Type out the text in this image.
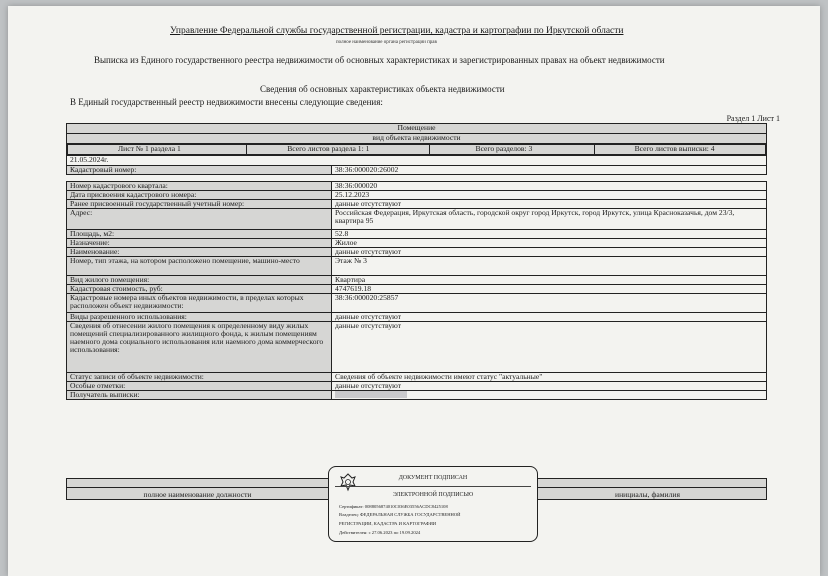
Управление Федеральной службы государственной регистрации, кадастра и картографии по Иркутской области
полное наименование органа регистрации прав
Выписка из Единого государственного реестра недвижимости об основных характеристиках и зарегистрированных правах на объект недвижимости
Сведения об основных характеристиках объекта недвижимости
В Единый государственный реестр недвижимости внесены следующие сведения:
Раздел 1 Лист 1
Помещение
вид объекта недвижимости

Лист № 1 раздела 1	Всего листов раздела 1: 1	Всего разделов: 3	Всего листов выписки: 4

21.05.2024г.
Кадастровый номер:	38:36:000020:26002

Номер кадастрового квартала:	38:36:000020
Дата присвоения кадастрового номера:	25.12.2023
Ранее присвоенный государственный учетный номер:	данные отсутствуют
Адрес:	Российская Федерация, Иркутская область, городской округ город Иркутск, город Иркутск, улица Красноказачья, дом 23/3, квартира 95
Площадь, м2:	52.8
Назначение:	Жилое
Наименование:	данные отсутствуют
Номер, тип этажа, на котором расположено помещение, машино-место	Этаж № 3
Вид жилого помещения:	Квартира
Кадастровая стоимость, руб:	4747619.18
Кадастровые номера иных объектов недвижимости, в пределах которых расположен объект недвижимости:	38:36:000020:25857
Виды разрешенного использования:	данные отсутствуют
Сведения об отнесении жилого помещения к определенному виду жилых помещений специализированного жилищного фонда, к жилым помещениям наемного дома социального использования или наемного дома коммерческого использования:	данные отсутствуют
Статус записи об объекте недвижимости:	Сведения об объекте недвижимости имеют статус "актуальные"
Особые отметки:	данные отсутствуют
Получатель выписки:	

полное наименование должности		инициалы, фамилия
ДОКУМЕНТ ПОДПИСАН
ЭЛЕКТРОННОЙ ПОДПИСЬЮ
Сертификат: 0088056874010C036E03556ACDC8425108
Владелец: ФЕДЕРАЛЬНАЯ СЛУЖБА ГОСУДАРСТВЕННОЙ
РЕГИСТРАЦИИ, КАДАСТРА И КАРТОГРАФИИ
Действителен: с 27.06.2023 по 19.09.2024
